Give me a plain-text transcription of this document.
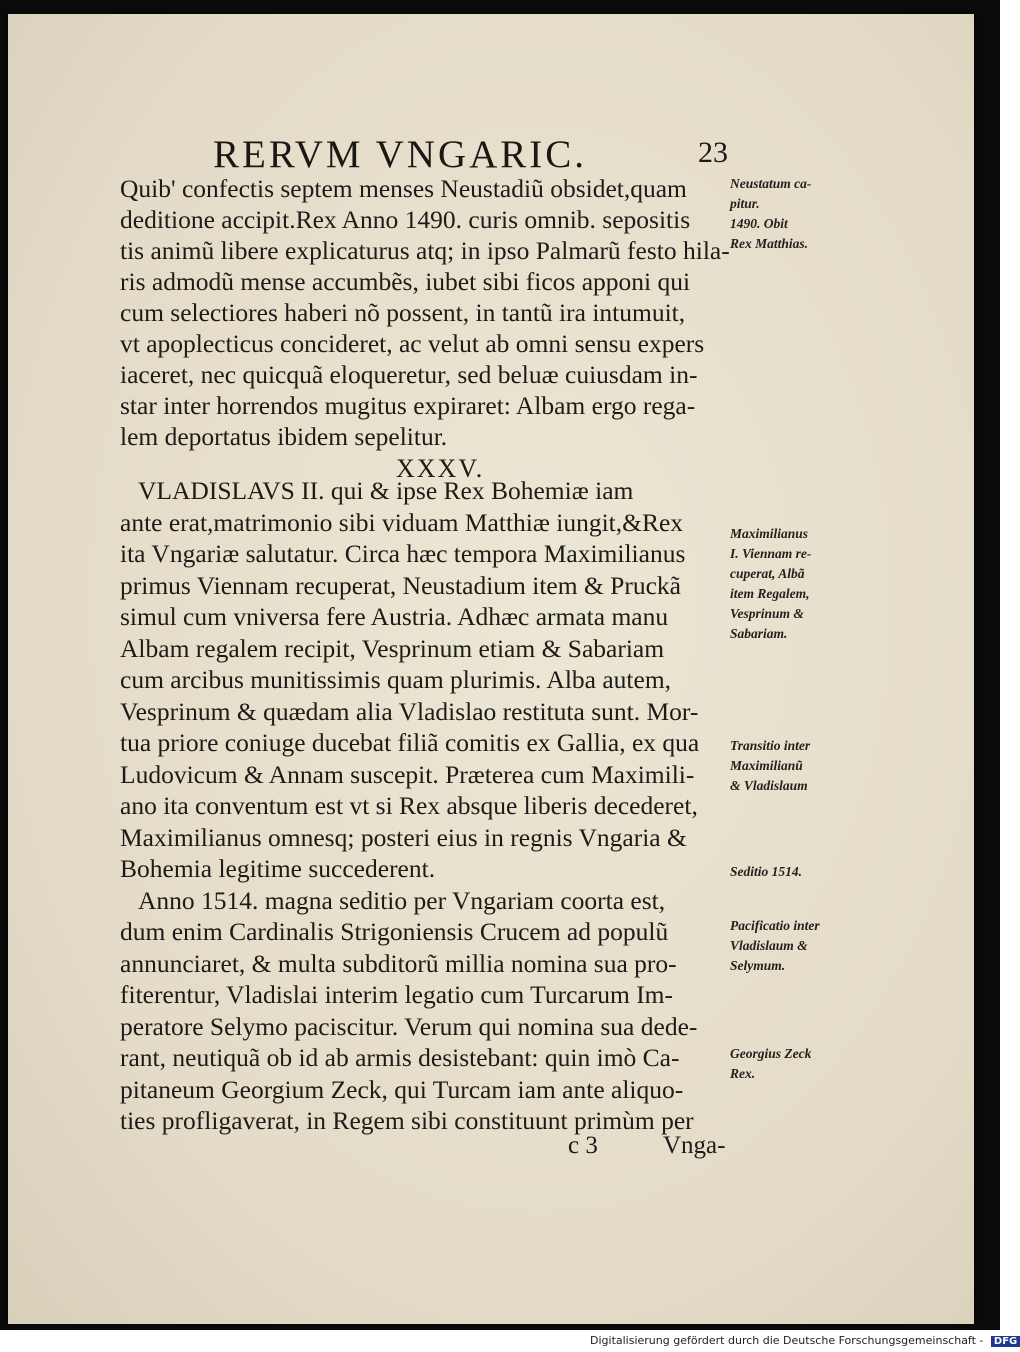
RERVM VNGARIC.	23
Quib' confectis septem menses Neustadiũ obsidet,quam
deditione accipit.Rex Anno 1490. curis omnib. sepositis
tis animũ libere explicaturus atq; in ipso Palmarũ festo hila-
ris admodũ mense accumbẽs, iubet sibi ficos apponi qui
cum selectiores haberi nõ possent, in tantũ ira intumuit,
vt apoplecticus concideret, ac velut ab omni sensu expers
iaceret, nec quicquã eloqueretur, sed beluæ cuiusdam in-
star inter horrendos mugitus expiraret: Albam ergo rega-
lem deportatus ibidem sepelitur.
XXXV.
VLADISLAVS II. qui & ipse Rex Bohemiæ iam
ante erat,matrimonio sibi viduam Matthiæ iungit,&Rex
ita Vngariæ salutatur. Circa hæc tempora Maximilianus
primus Viennam recuperat, Neustadium item & Pruckã
simul cum vniversa fere Austria. Adhæc armata manu
Albam regalem recipit, Vesprinum etiam & Sabariam
cum arcibus munitissimis quam plurimis. Alba autem,
Vesprinum & quædam alia Vladislao restituta sunt. Mor-
tua priore coniuge ducebat filiã comitis ex Gallia, ex qua
Ludovicum & Annam suscepit. Præterea cum Maximili-
ano ita conventum est vt si Rex absque liberis decederet,
Maximilianus omnesq; posteri eius in regnis Vngaria &
Bohemia legitime succederent.
Anno 1514. magna seditio per Vngariam coorta est,
dum enim Cardinalis Strigoniensis Crucem ad populũ
annunciaret, & multa subditorũ millia nomina sua pro-
fiterentur, Vladislai interim legatio cum Turcarum Im-
peratore Selymo paciscitur. Verum qui nomina sua dede-
rant, neutiquã ob id ab armis desistebant: quin imò Ca-
pitaneum Georgium Zeck, qui Turcam iam ante aliquo-
ties profligaverat, in Regem sibi constituunt primùm per
c 3	Vnga-
Neustatum ca-
pitur.
1490. Obit
Rex Matthias.
Maximilianus
I. Viennam re-
cuperat, Albã
item Regalem,
Vesprinum &
Sabariam.
Transitio inter
Maximilianũ
& Vladislaum
Seditio 1514.
Pacificatio inter
Vladislaum &
Selymum.
Georgius Zeck
Rex.
Digitalisierung gefördert durch die Deutsche Forschungsgemeinschaft - DFG
